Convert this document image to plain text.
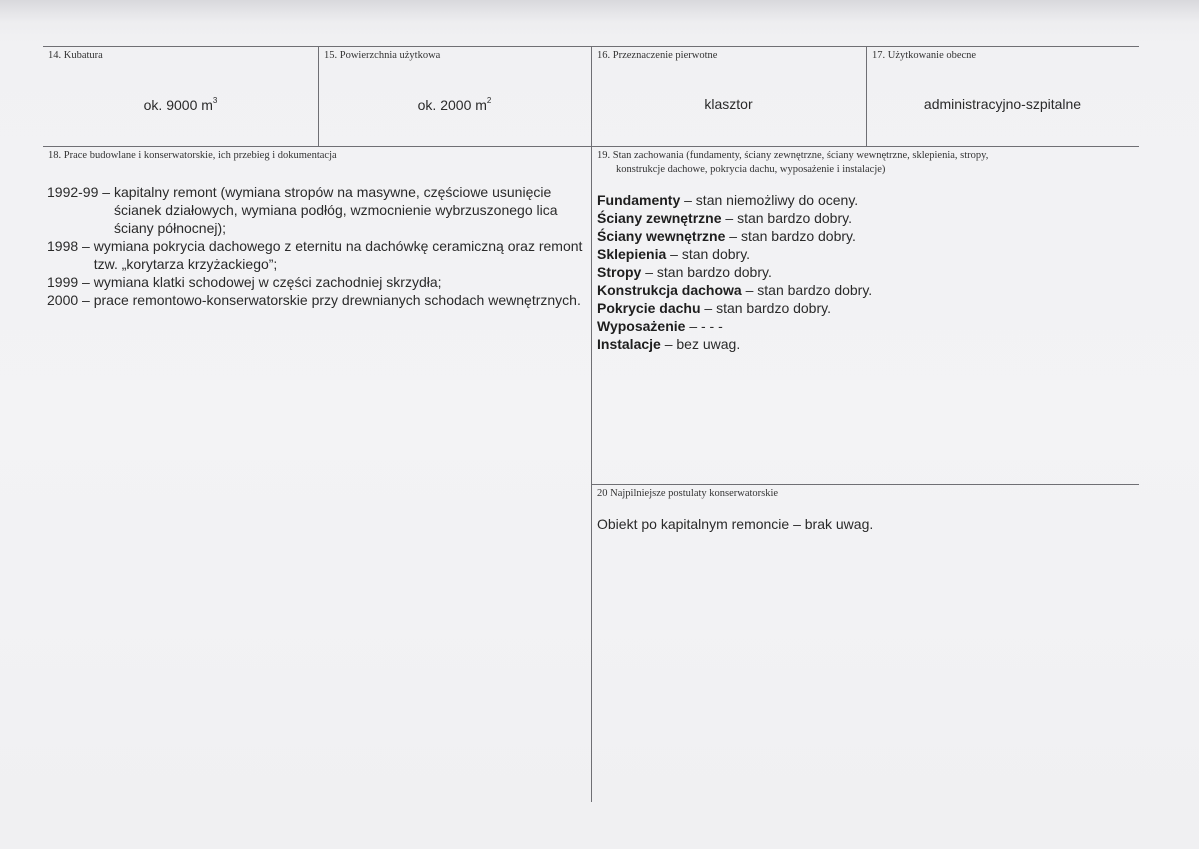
14. Kubatura
ok. 9000 $m^3$
15. Powierzchnia użytkowa
ok. 2000 $m^2$
16. Przeznaczenie pierwotne
klasztor
17. Użytkowanie obecne
administracyjno-szpitalne
18. Prace budowlane i konserwatorskie, ich przebieg i dokumentacja
1992-99 – kapitalny remont (wymiana stropów na masywne, częściowe usunięcie ścianek działowych, wymiana podłóg, wzmocnienie wybrzuszonego lica ściany północnej);
1998 – wymiana pokrycia dachowego z eternitu na dachówkę ceramiczną oraz remont tzw. „korytarza krzyżackiego”;
1999 – wymiana klatki schodowej w części zachodniej skrzydła;
2000 – prace remontowo-konserwatorskie przy drewnianych schodach wewnętrznych.
19. Stan zachowania (fundamenty, ściany zewnętrzne, ściany wewnętrzne, sklepienia, stropy,
konstrukcje dachowe, pokrycia dachu, wyposażenie i instalacje)
Fundamenty – stan niemożliwy do oceny.
Ściany zewnętrzne – stan bardzo dobry.
Ściany wewnętrzne – stan bardzo dobry.
Sklepienia – stan dobry.
Stropy – stan bardzo dobry.
Konstrukcja dachowa – stan bardzo dobry.
Pokrycie dachu – stan bardzo dobry.
Wyposażenie – - - -
Instalacje – bez uwag.
20 Najpilniejsze postulaty konserwatorskie
Obiekt po kapitalnym remoncie – brak uwag.
